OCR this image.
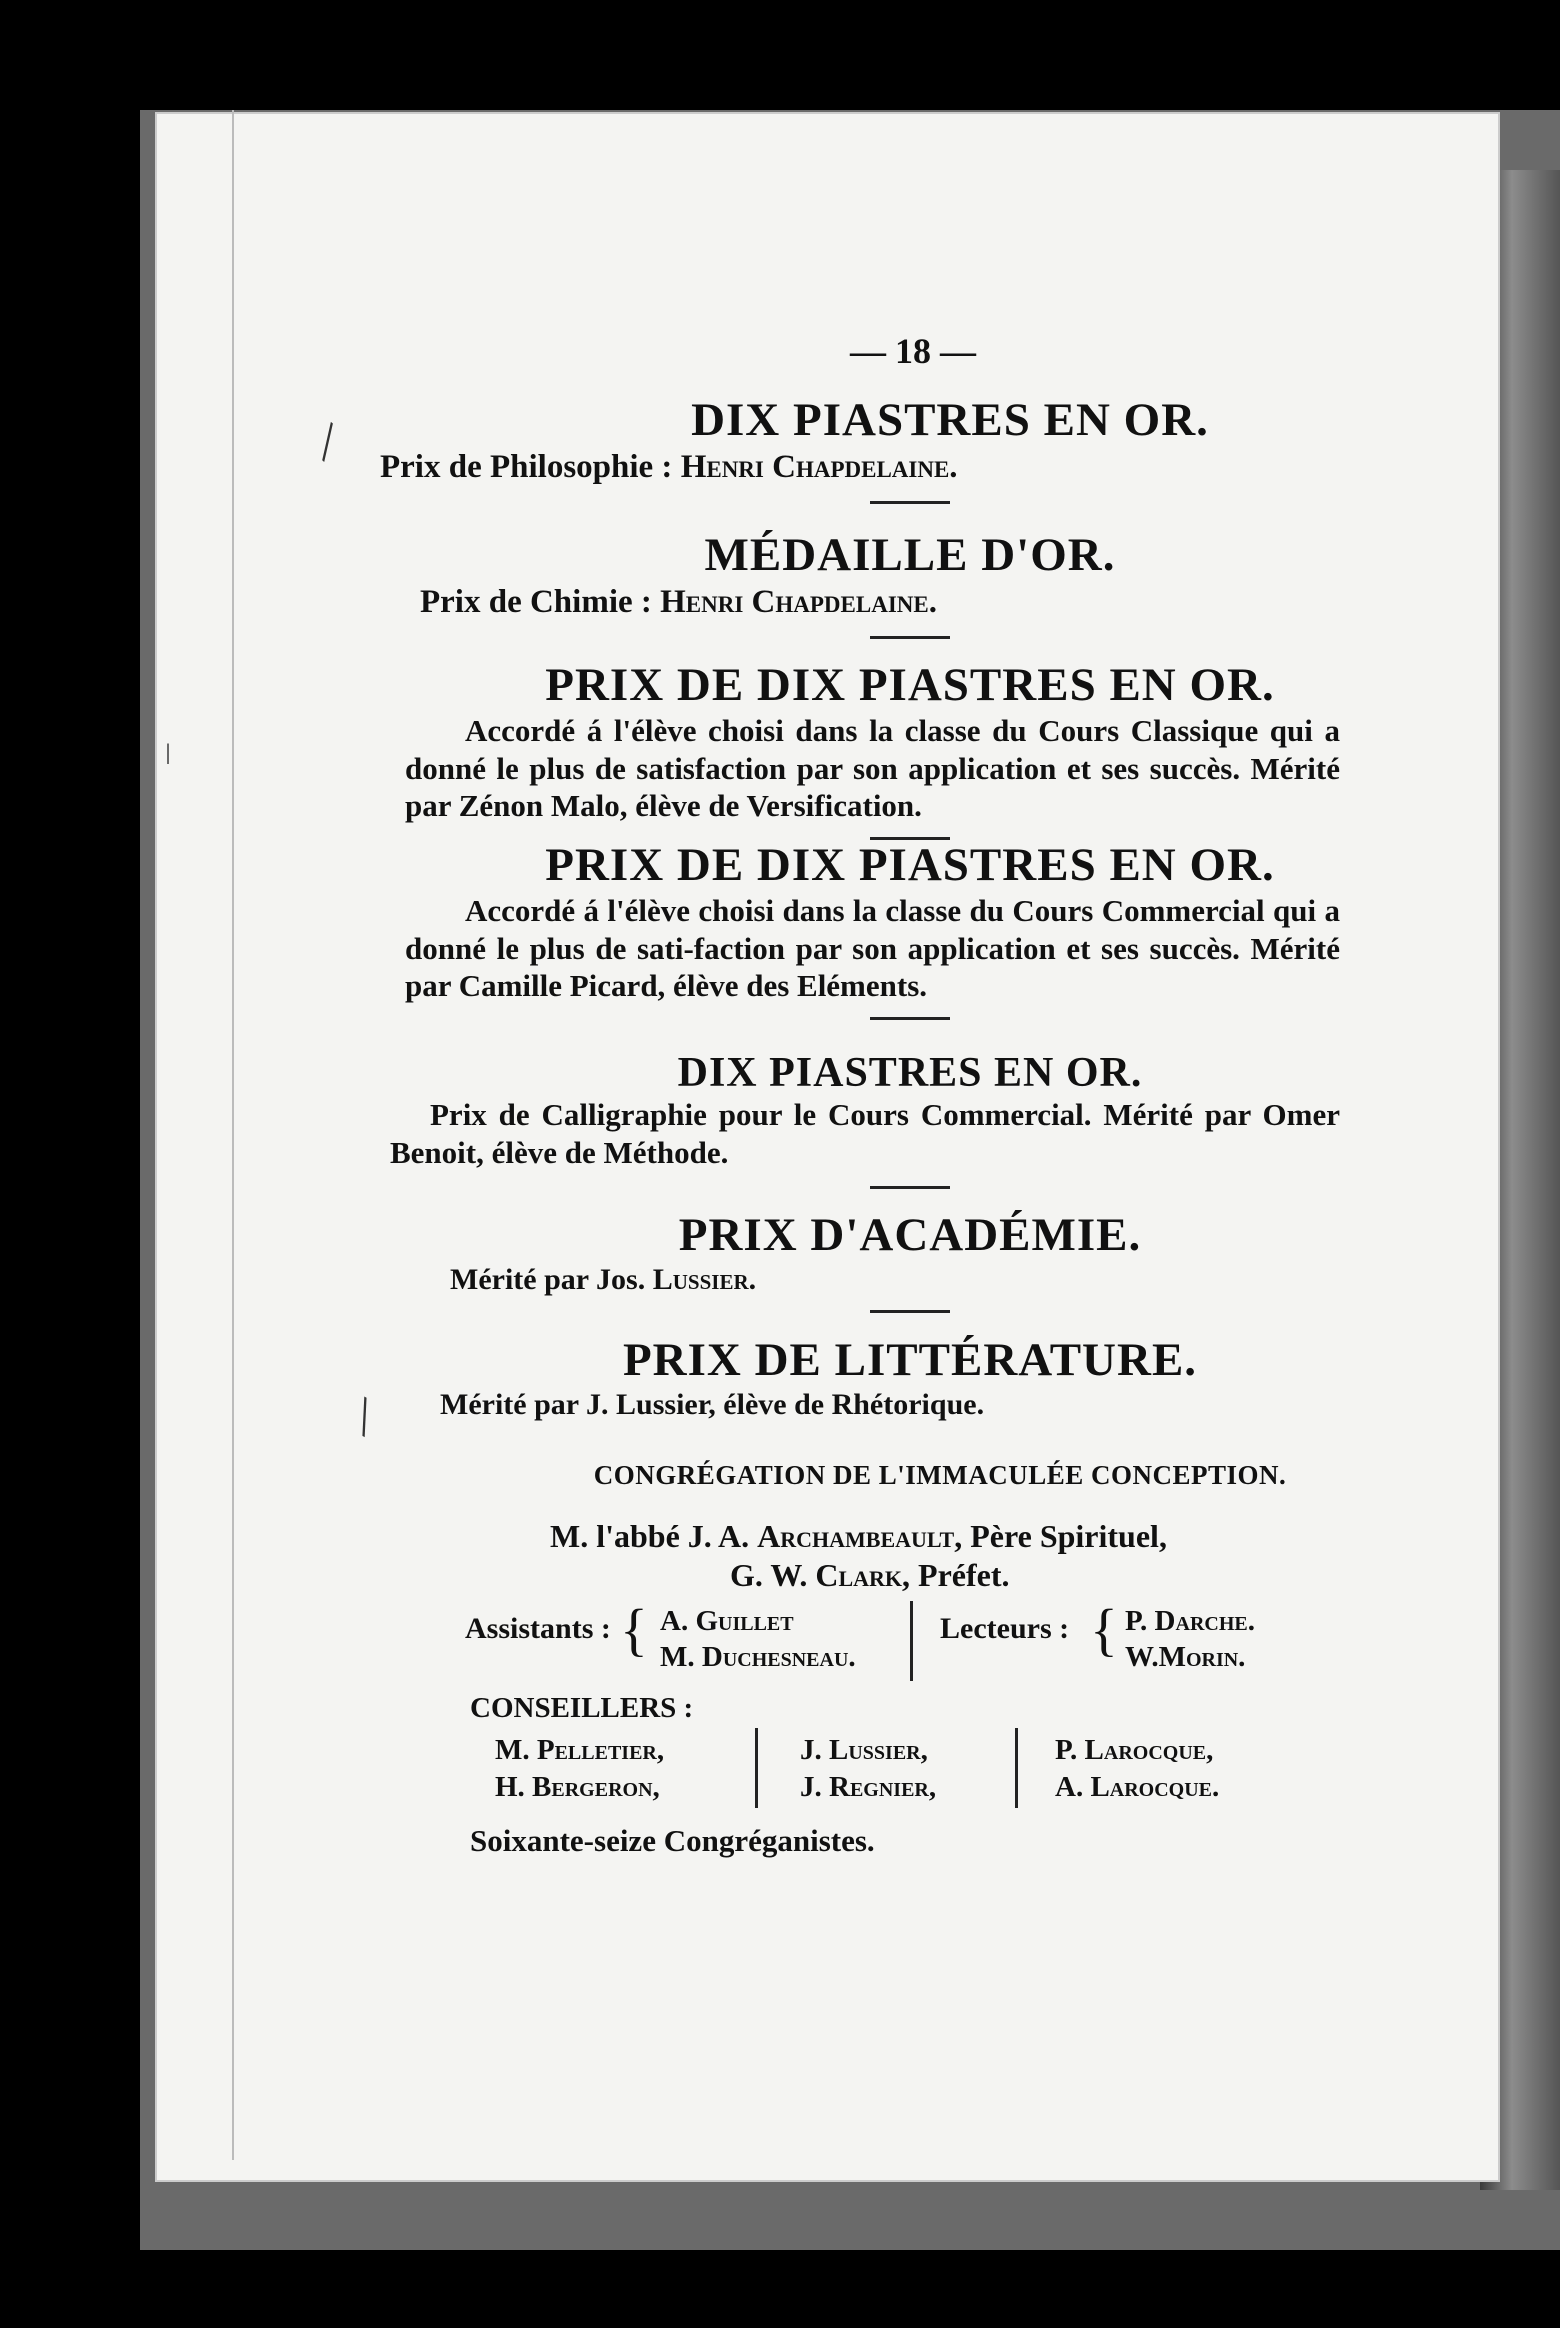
— 18 —
DIX PIASTRES EN OR.
Prix de Philosophie : Henri Chapdelaine.
MÉDAILLE D'OR.
Prix de Chimie : Henri Chapdelaine.
PRIX DE DIX PIASTRES EN OR.
Accordé á l'élève choisi dans la classe du Cours Classique qui a donné le plus de satisfaction par son application et ses succès. Mérité par Zénon Malo, élève de Versification.
PRIX DE DIX PIASTRES EN OR.
Accordé á l'élève choisi dans la classe du Cours Commercial qui a donné le plus de sati-faction par son application et ses succès. Mérité par Camille Picard, élève des Eléments.
DIX PIASTRES EN OR.
Prix de Calligraphie pour le Cours Commercial. Mérité par Omer Benoit, élève de Méthode.
PRIX D'ACADÉMIE.
Mérité par Jos. Lussier.
PRIX DE LITTÉRATURE.
Mérité par J. Lussier, élève de Rhétorique.
CONGRÉGATION DE L'IMMACULÉE CONCEPTION.
M. l'abbé J. A. Archambeault, Père Spirituel,
G. W. Clark, Préfet.
Assistants : { A. Guillet
M. Duchesneau.
Lecteurs : { P. Darche.
W.Morin.
CONSEILLERS :
M. Pelletier,
H. Bergeron,
J. Lussier,
J. Regnier,
P. Larocque,
A. Larocque.
Soixante-seize Congréganistes.
╲
ǀ
╲
